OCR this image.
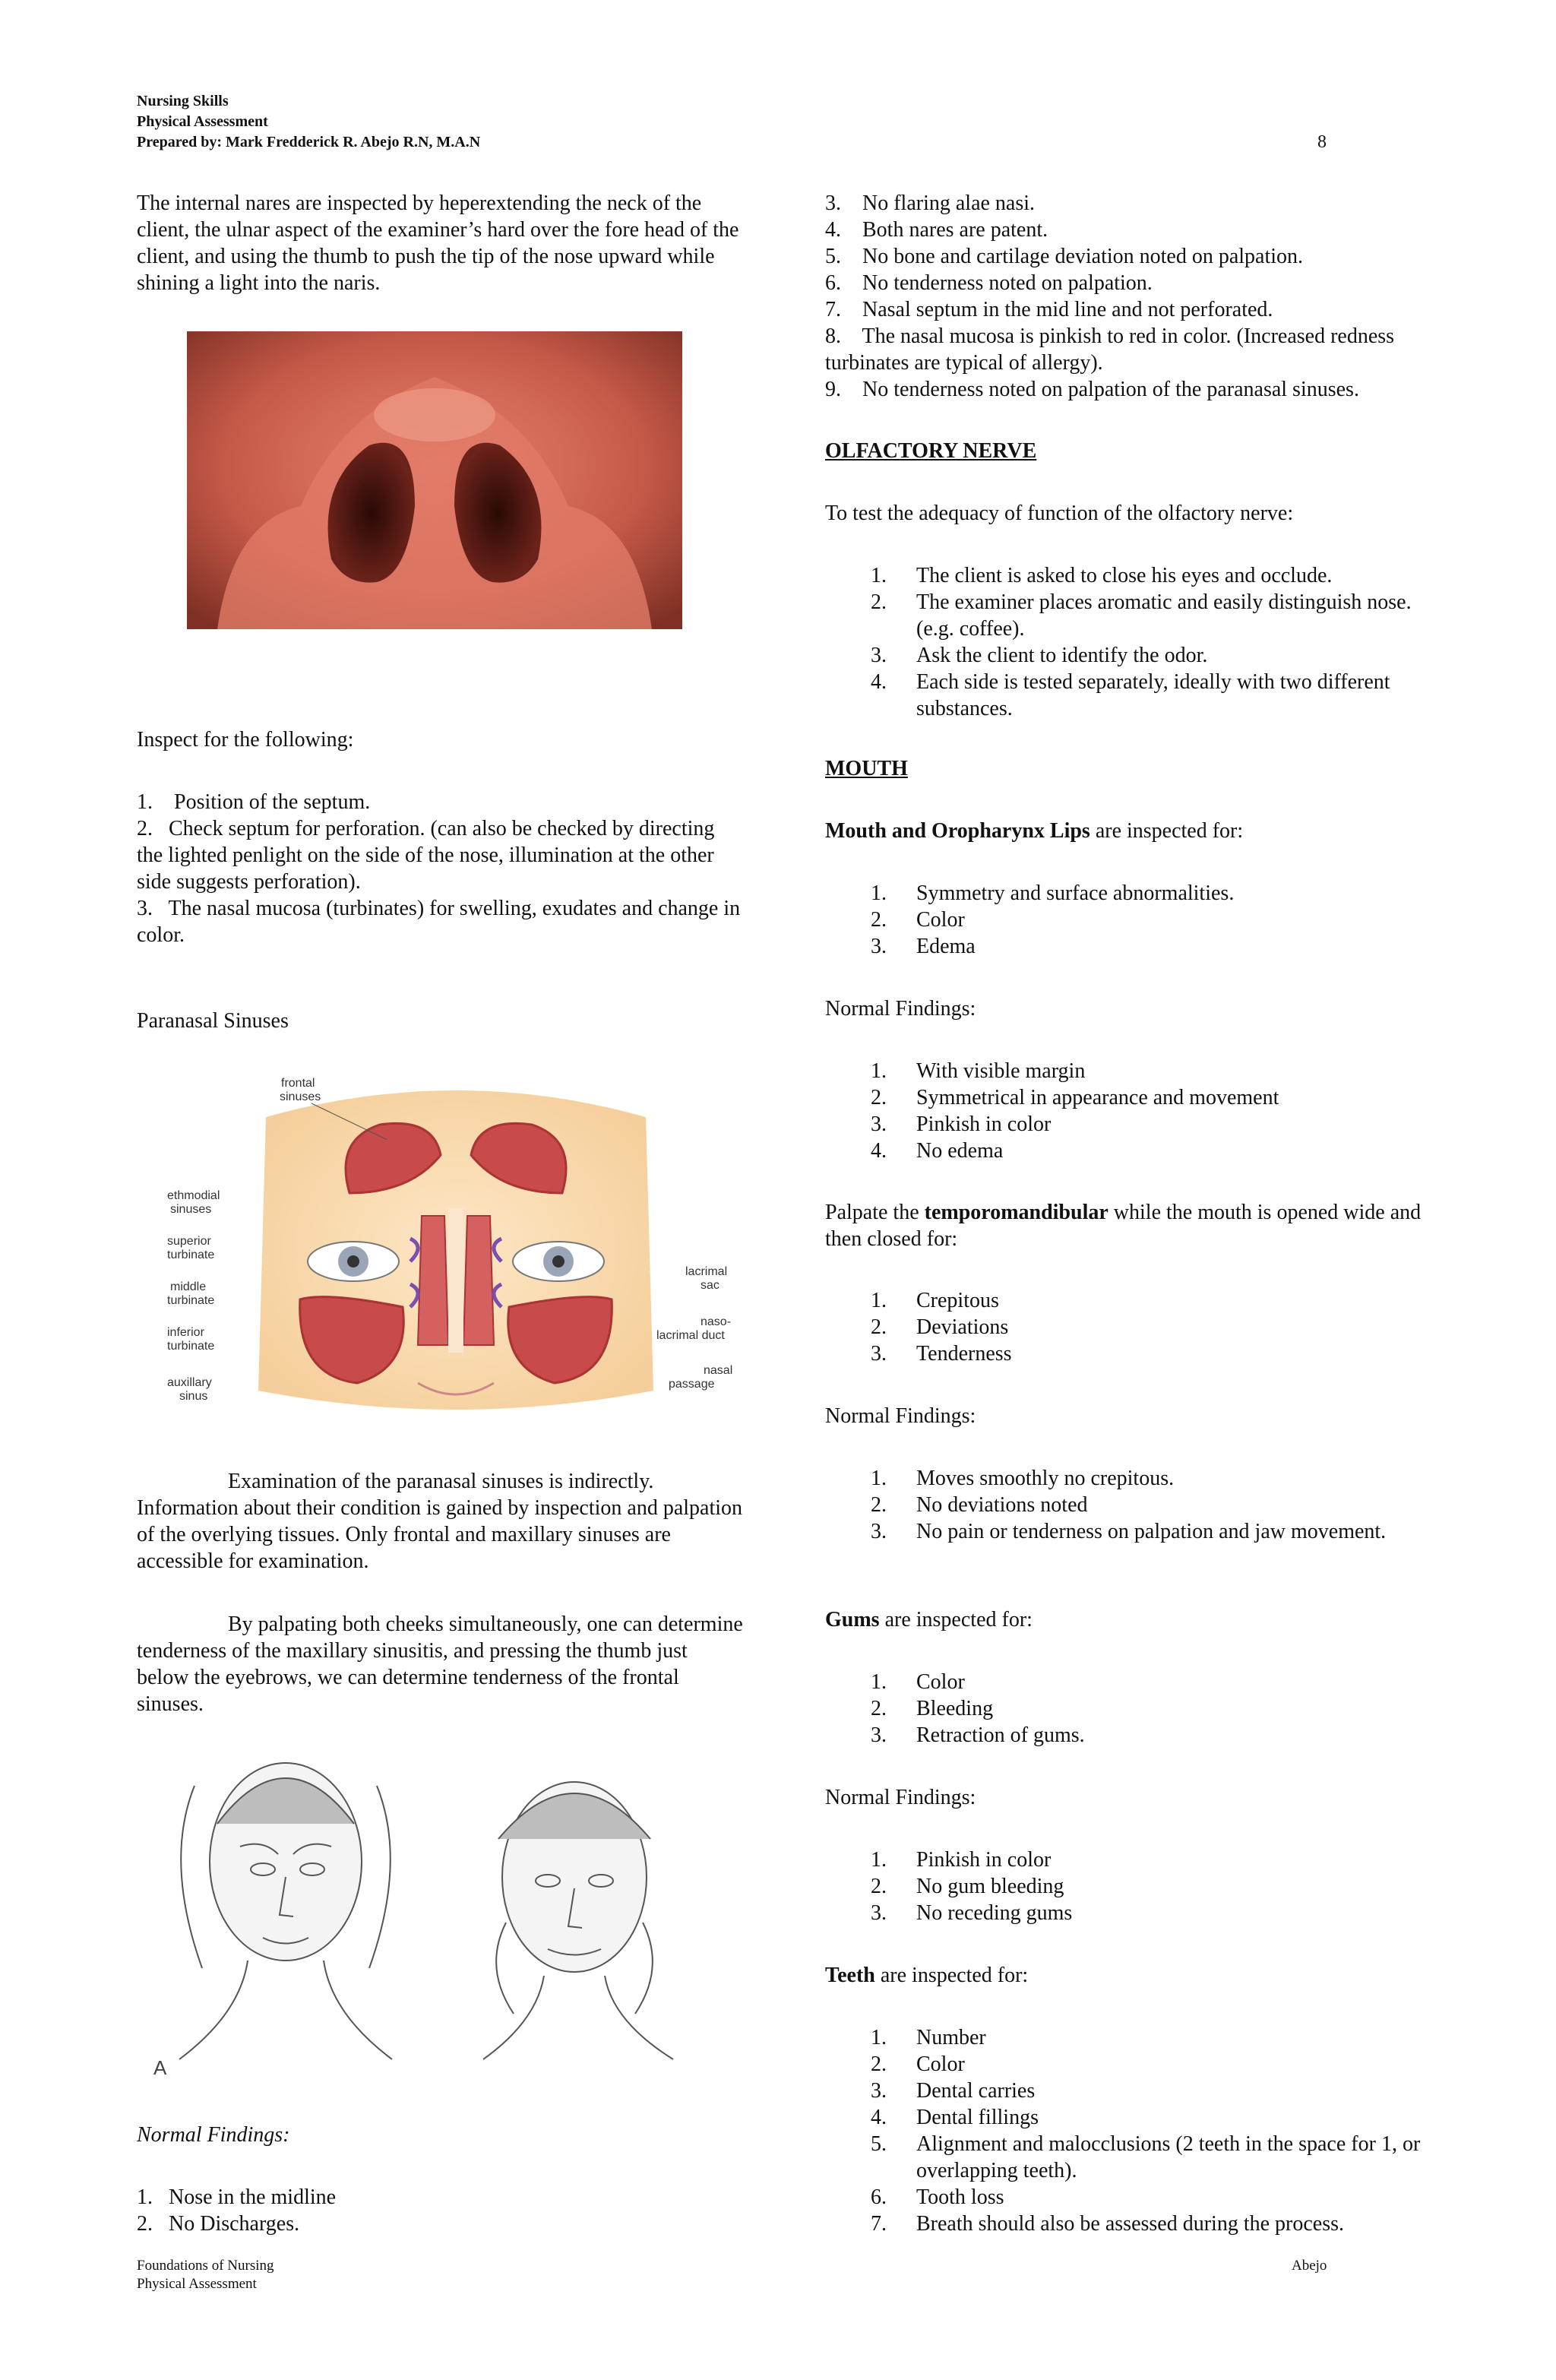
Nursing Skills
Physical Assessment
Prepared by: Mark Fredderick R. Abejo R.N, M.A.N	8

The internal nares are inspected by heperextending the neck of the client, the ulnar aspect of the examiner’s hard over the fore head of the client, and using the thumb to push the tip of the nose upward while shining a light into the naris.

Inspect for the following:
1. Position of the septum.
2. Check septum for perforation. (can also be checked by directing the lighted penlight on the side of the nose, illumination at the other side suggests perforation).
3. The nasal mucosa (turbinates) for swelling, exudates and change in color.
Paranasal Sinuses
frontal
sinuses
ethmodial
sinuses
superior
turbinate
middle
turbinate
inferior
turbinate
auxillary
sinus
lacrimal
sac
naso-
lacrimal duct
nasal
passage

Examination of the paranasal sinuses is indirectly. Information about their condition is gained by inspection and palpation of the overlying tissues. Only frontal and maxillary sinuses are accessible for examination.

By palpating both cheeks simultaneously, one can determine tenderness of the maxillary sinusitis, and pressing the thumb just below the eyebrows, we can determine tenderness of the frontal sinuses.

A
Normal Findings:
1. Nose in the midline
2. No Discharges.
3. No flaring alae nasi.
4. Both nares are patent.
5. No bone and cartilage deviation noted on palpation.
6. No tenderness noted on palpation.
7. Nasal septum in the mid line and not perforated.
8. The nasal mucosa is pinkish to red in color. (Increased redness turbinates are typical of allergy).
9. No tenderness noted on palpation of the paranasal sinuses.
OLFACTORY NERVE
To test the adequacy of function of the olfactory nerve:
1. The client is asked to close his eyes and occlude.
2. The examiner places aromatic and easily distinguish nose. (e.g. coffee).
3. Ask the client to identify the odor.
4. Each side is tested separately, ideally with two different substances.
MOUTH
Mouth and Oropharynx Lips are inspected for:
1. Symmetry and surface abnormalities.
2. Color
3. Edema
Normal Findings:
1. With visible margin
2. Symmetrical in appearance and movement
3. Pinkish in color
4. No edema

Palpate the temporomandibular while the mouth is opened wide and then closed for:

1. Crepitous
2. Deviations
3. Tenderness
Normal Findings:
1. Moves smoothly no crepitous.
2. No deviations noted
3. No pain or tenderness on palpation and jaw movement.
Gums are inspected for:
1. Color
2. Bleeding
3. Retraction of gums.
Normal Findings:
1. Pinkish in color
2. No gum bleeding
3. No receding gums
Teeth are inspected for:
1. Number
2. Color
3. Dental carries
4. Dental fillings
5. Alignment and malocclusions (2 teeth in the space for 1, or overlapping teeth).
6. Tooth loss
7. Breath should also be assessed during the process.
Foundations of Nursing
Physical Assessment
Abejo
